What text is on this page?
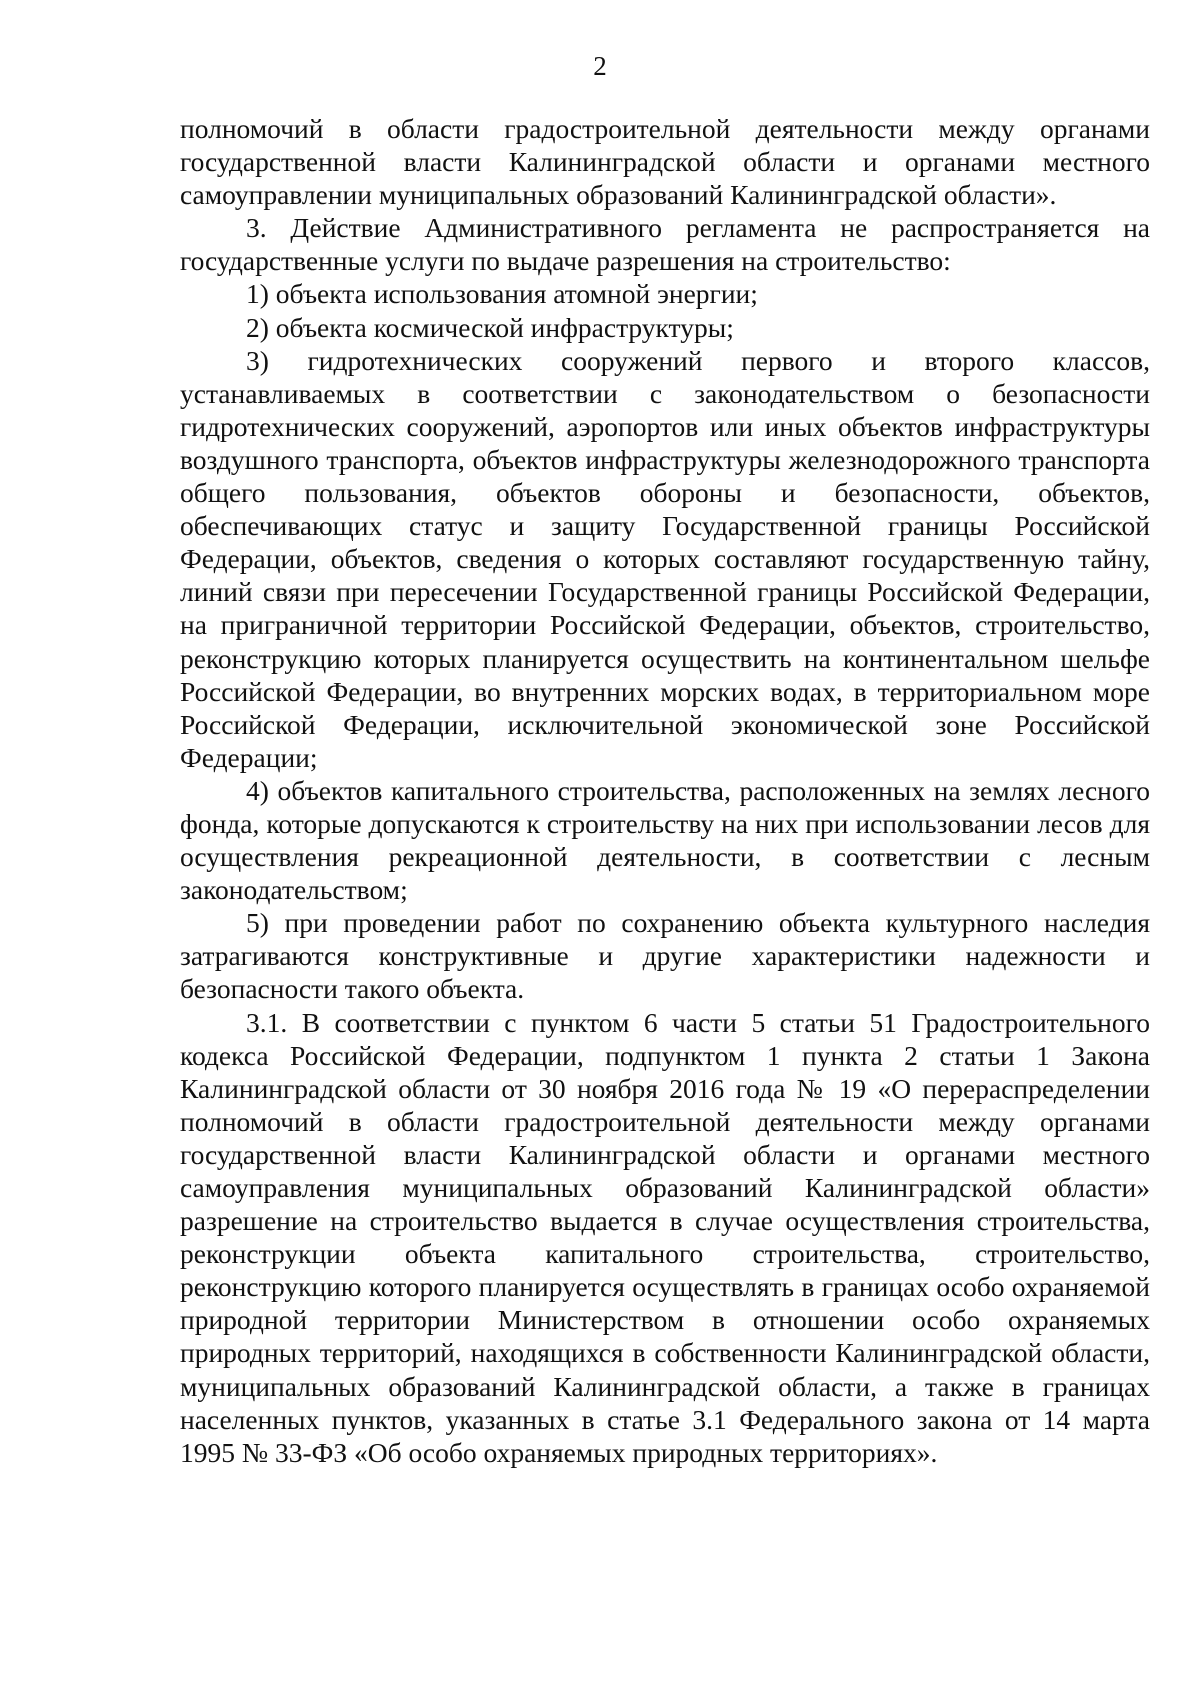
2

полномочий в области градостроительной деятельности между органами государственной власти Калининградской области и органами местного самоуправлении муниципальных образований Калининградской области».

3. Действие Административного регламента не распространяется на государственные услуги по выдаче разрешения на строительство:

1) объекта использования атомной энергии;

2) объекта космической инфраструктуры;

3) гидротехнических сооружений первого и второго классов, устанавливаемых в соответствии с законодательством о безопасности гидротехнических сооружений, аэропортов или иных объектов инфраструктуры воздушного транспорта, объектов инфраструктуры железнодорожного транспорта общего пользования, объектов обороны и безопасности, объектов, обеспечивающих статус и защиту Государственной границы Российской Федерации, объектов, сведения о которых составляют государственную тайну, линий связи при пересечении Государственной границы Российской Федерации, на приграничной территории Российской Федерации, объектов, строительство, реконструкцию которых планируется осуществить на континентальном шельфе Российской Федерации, во внутренних морских водах, в территориальном море Российской Федерации, исключительной экономической зоне Российской Федерации;

4) объектов капитального строительства, расположенных на землях лесного фонда, которые допускаются к строительству на них при использовании лесов для осуществления рекреационной деятельности, в соответствии с лесным законодательством;

5) при проведении работ по сохранению объекта культурного наследия затрагиваются конструктивные и другие характеристики надежности и безопасности такого объекта.

3.1. В соответствии с пунктом 6 части 5 статьи 51 Градостроительного кодекса Российской Федерации, подпунктом 1 пункта 2 статьи 1 Закона Калининградской области от 30 ноября 2016 года № 19 «О перераспределении полномочий в области градостроительной деятельности между органами государственной власти Калининградской области и органами местного самоуправления муниципальных образований Калининградской области» разрешение на строительство выдается в случае осуществления строительства, реконструкции объекта капитального строительства, строительство, реконструкцию которого планируется осуществлять в границах особо охраняемой природной территории Министерством в отношении особо охраняемых природных территорий, находящихся в собственности Калининградской области, муниципальных образований Калининградской области, а также в границах населенных пунктов, указанных в статье 3.1 Федерального закона от 14 марта 1995 № 33-ФЗ «Об особо охраняемых природных территориях».
